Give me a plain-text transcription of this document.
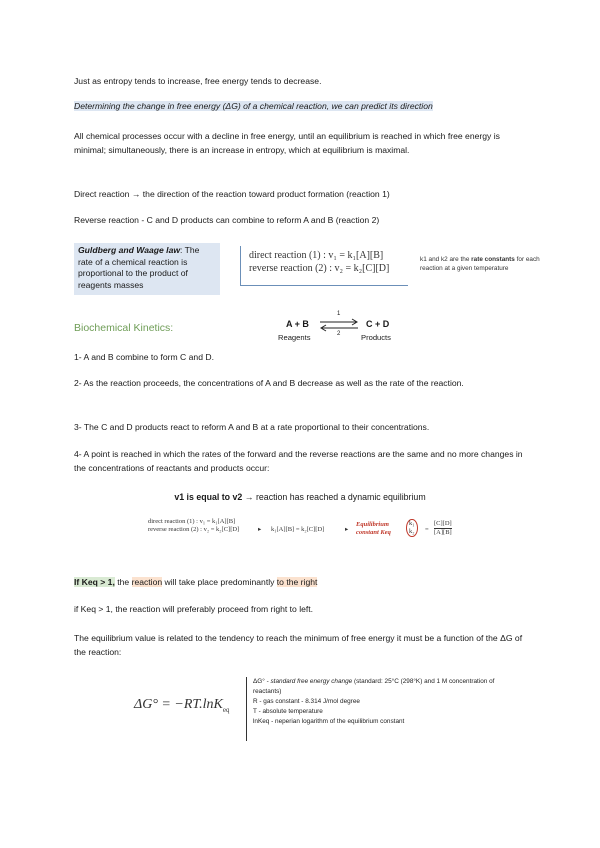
Just as entropy tends to increase, free energy tends to decrease.

Determining the change in free energy (ΔG) of a chemical reaction, we can predict its direction

All chemical processes occur with a decline in free energy, until an equilibrium is reached in which free energy is minimal; simultaneously, there is an increase in entropy, which at equilibrium is maximal.

Direct reaction → the direction of the reaction toward product formation (reaction 1)

Reverse reaction - C and D products can combine to reform A and B (reaction 2)

Guldberg and Waage law: The rate of a chemical reaction is proportional to the product of reagents masses
direct reaction (1) : v₁ = k₁[A][B]
reverse reaction (2) : v₂ = k₂[C][D]
k1 and k2 are the rate constants for each reaction at a given temperature
Biochemical Kinetics:	A + B ⇌
1
2
C + D
Reagents	Products

1- A and B combine to form C and D.

2- As the reaction proceeds, the concentrations of A and B decrease as well as the rate of the reaction.

3- The C and D products react to reform A and B at a rate proportional to their concentrations.

4- A point is reached in which the rates of the forward and the reverse reactions are the same and no more changes in the concentrations of reactants and products occur:

v1 is equal to v2 → reaction has reached a dynamic equilibrium
direct reaction (1) : v₁ = k₁[A][B]
reverse reaction (2) : v₂ = k₂[C][D]	▸ k₁[A][B] = k₂[C][D]	▸
Equilibrium
constant Keq
k₁
k₂	=
[C][D]
[A][B]

If Keq > 1, the reaction will take place predominantly to the right

if Keq > 1, the reaction will preferably proceed from right to left.

The equilibrium value is related to the tendency to reach the minimum of free energy it must be a function of the ΔG of the reaction:

ΔG° = −RT.lnK$_{eq}$
ΔG° - standard free energy change (standard: 25°C (298°K) and 1 M concentration of reactants)
R - gas constant - 8.314 J/mol degree
T - absolute temperature
lnKeq - neperian logarithm of the equilibrium constant
